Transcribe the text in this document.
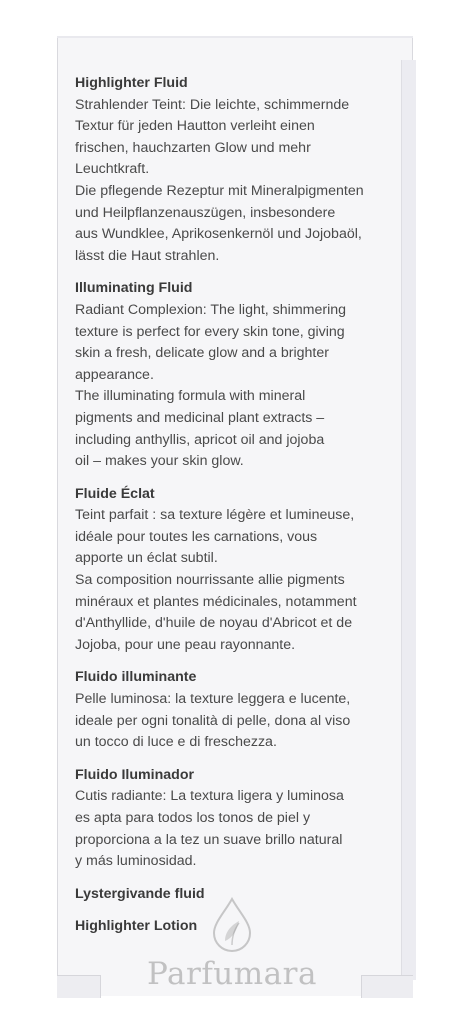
Highlighter Fluid
Strahlender Teint: Die leichte, schimmernde
Textur für jeden Hautton verleiht einen
frischen, hauchzarten Glow und mehr
Leuchtkraft.
Die pflegende Rezeptur mit Mineralpigmenten
und Heilpflanzenauszügen, insbesondere
aus Wundklee, Aprikosenkernöl und Jojobaöl,
lässt die Haut strahlen.
Illuminating Fluid
Radiant Complexion: The light, shimmering
texture is perfect for every skin tone, giving
skin a fresh, delicate glow and a brighter
appearance.
The illuminating formula with mineral
pigments and medicinal plant extracts –
including anthyllis, apricot oil and jojoba
oil – makes your skin glow.
Fluide Éclat
Teint parfait : sa texture légère et lumineuse,
idéale pour toutes les carnations, vous
apporte un éclat subtil.
Sa composition nourrissante allie pigments
minéraux et plantes médicinales, notamment
d'Anthyllide, d'huile de noyau d'Abricot et de
Jojoba, pour une peau rayonnante.
Fluido illuminante
Pelle luminosa: la texture leggera e lucente,
ideale per ogni tonalità di pelle, dona al viso
un tocco di luce e di freschezza.
Fluido Iluminador
Cutis radiante: La textura ligera y luminosa
es apta para todos los tonos de piel y
proporciona a la tez un suave brillo natural
y más luminosidad.
Lystergivande fluid
Highlighter Lotion
Parfumara
